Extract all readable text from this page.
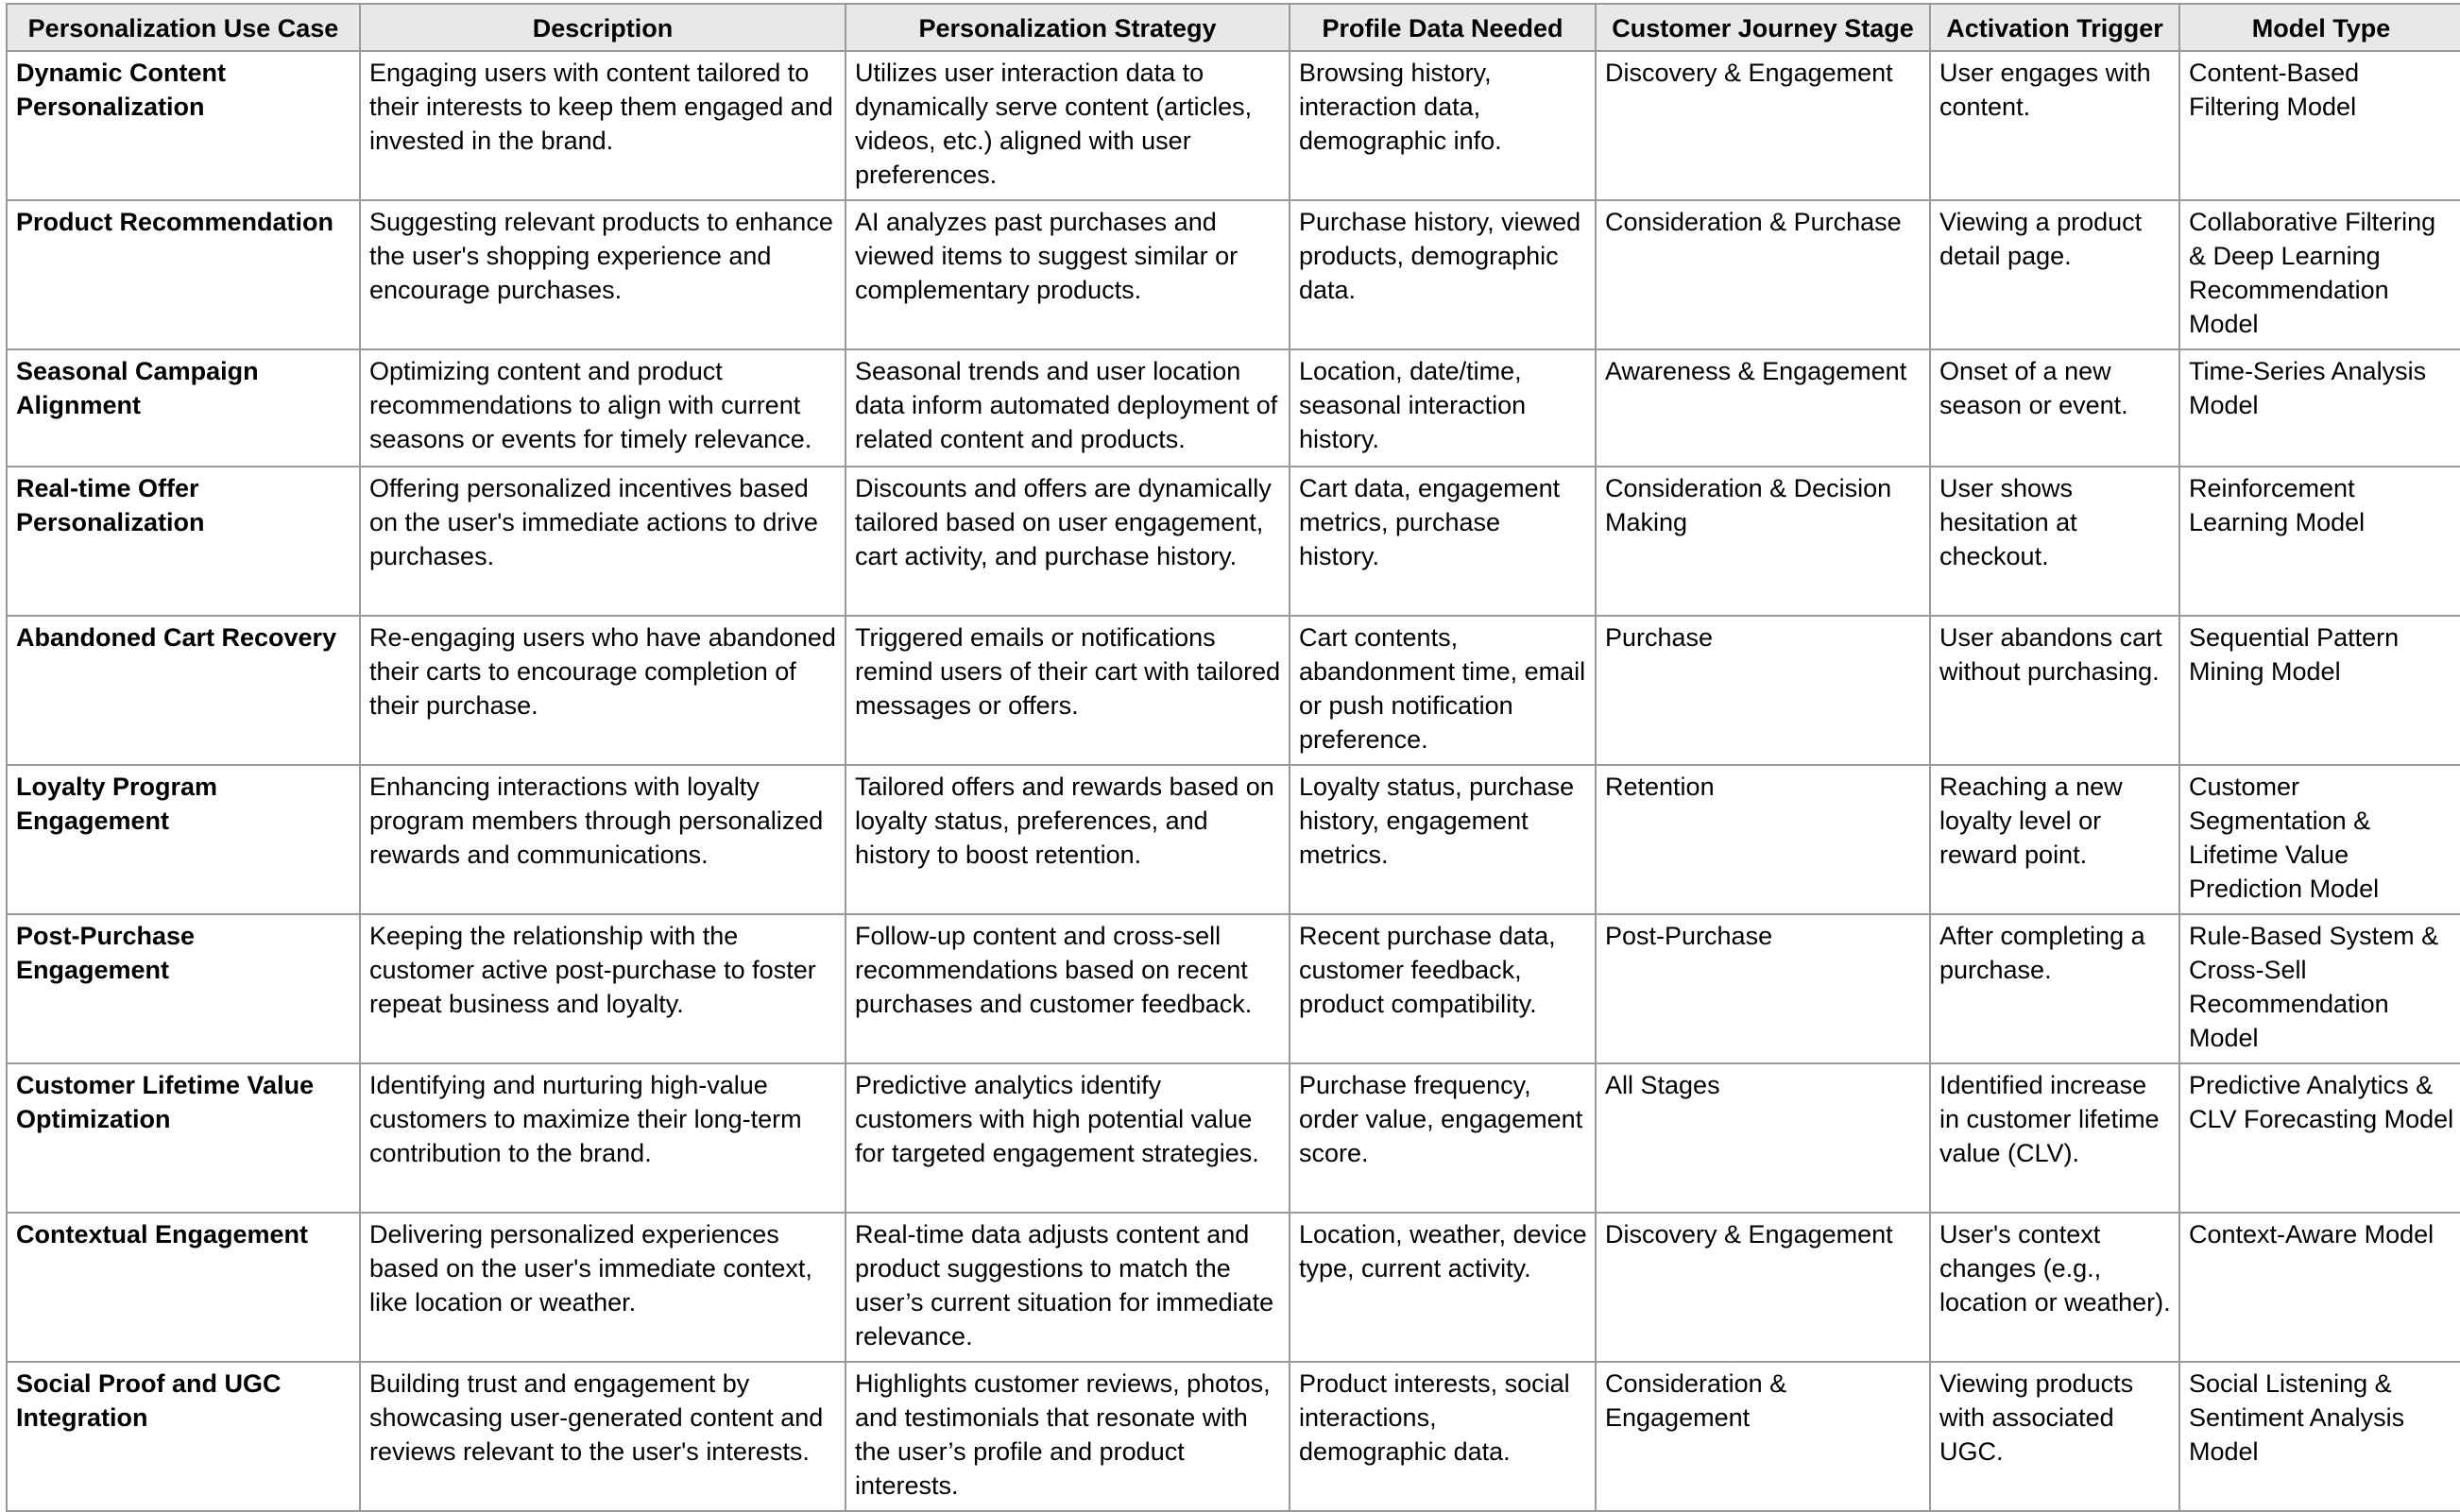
Personalization Use Case	Description	Personalization Strategy	Profile Data Needed	Customer Journey Stage	Activation Trigger	Model Type
Dynamic Content Personalization	Engaging users with content tailored to their interests to keep them engaged and invested in the brand.	Utilizes user interaction data to dynamically serve content (articles, videos, etc.) aligned with user preferences.	Browsing history, interaction data, demographic info.	Discovery & Engagement	User engages with content.	Content-Based Filtering Model
Product Recommendation	Suggesting relevant products to enhance the user's shopping experience and encourage purchases.	AI analyzes past purchases and viewed items to suggest similar or complementary products.	Purchase history, viewed products, demographic data.	Consideration & Purchase	Viewing a product detail page.	Collaborative Filtering & Deep Learning Recommendation Model
Seasonal Campaign Alignment	Optimizing content and product recommendations to align with current seasons or events for timely relevance.	Seasonal trends and user location data inform automated deployment of related content and products.	Location, date/time, seasonal interaction history.	Awareness & Engagement	Onset of a new season or event.	Time-Series Analysis Model
Real-time Offer Personalization	Offering personalized incentives based on the user's immediate actions to drive purchases.	Discounts and offers are dynamically tailored based on user engagement, cart activity, and purchase history.	Cart data, engagement metrics, purchase history.	Consideration & Decision Making	User shows hesitation at checkout.	Reinforcement Learning Model
Abandoned Cart Recovery	Re-engaging users who have abandoned their carts to encourage completion of their purchase.	Triggered emails or notifications remind users of their cart with tailored messages or offers.	Cart contents, abandonment time, email or push notification preference.	Purchase	User abandons cart without purchasing.	Sequential Pattern Mining Model
Loyalty Program Engagement	Enhancing interactions with loyalty program members through personalized rewards and communications.	Tailored offers and rewards based on loyalty status, preferences, and history to boost retention.	Loyalty status, purchase history, engagement metrics.	Retention	Reaching a new loyalty level or reward point.	Customer Segmentation & Lifetime Value Prediction Model
Post-Purchase Engagement	Keeping the relationship with the customer active post-purchase to foster repeat business and loyalty.	Follow-up content and cross-sell recommendations based on recent purchases and customer feedback.	Recent purchase data, customer feedback, product compatibility.	Post-Purchase	After completing a purchase.	Rule-Based System & Cross-Sell Recommendation Model
Customer Lifetime Value Optimization	Identifying and nurturing high-value customers to maximize their long-term contribution to the brand.	Predictive analytics identify customers with high potential value for targeted engagement strategies.	Purchase frequency, order value, engagement score.	All Stages	Identified increase in customer lifetime value (CLV).	Predictive Analytics & CLV Forecasting Model
Contextual Engagement	Delivering personalized experiences based on the user's immediate context, like location or weather.	Real-time data adjusts content and product suggestions to match the user’s current situation for immediate relevance.	Location, weather, device type, current activity.	Discovery & Engagement	User's context changes (e.g., location or weather).	Context-Aware Model
Social Proof and UGC Integration	Building trust and engagement by showcasing user-generated content and reviews relevant to the user's interests.	Highlights customer reviews, photos, and testimonials that resonate with the user’s profile and product interests.	Product interests, social interactions, demographic data.	Consideration & Engagement	Viewing products with associated UGC.	Social Listening & Sentiment Analysis Model
